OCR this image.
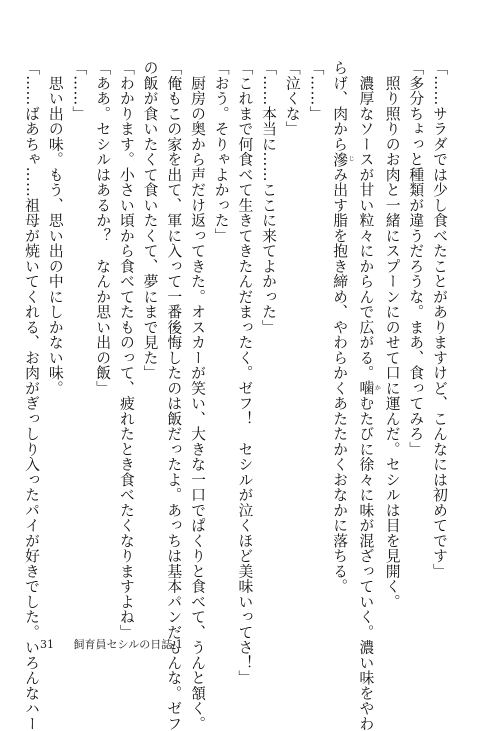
「……サラダでは少し食べたことがありますけど、こんなには初めてです」
「多分ちょっと種類が違うだろうな。まあ、食ってみろ」
　照り照りのお肉と一緒にスプーンにのせて口に運んだ。セシルは目を見開く。
　濃厚なソースが甘い粒々にからんで広がる。噛 かむたびに徐々に味が混ざっていく。濃い味をやわ
らげ、肉から滲 じみ出す脂を抱き締め、やわらかくあたたかくおなかに落ちる。
「……」
「泣くな」
「……本当に……ここに来てよかった」
「これまで何食べて生きてきたんだまったく。ゼフ！　セシルが泣くほど美味いってさ！」
「おう。そりゃよかった」
　厨房の奥から声だけ返ってきた。オスカーが笑い、大きな一口でぱくりと食べて、うんと頷く。
「俺もこの家を出て、軍に入って一番後悔したのは飯だったよ。あっちは基本パンだもんな。ゼフ
の飯が食いたくて食いたくて、夢にまで見た」
「わかります。小さい頃から食べてたものって、疲れたとき食べたくなりますよね」
「ああ。セシルはあるか？　なんか思い出の飯」
「……」
　思い出の味。もう、思い出の中にしかない味。
「……ばあちゃ……祖母が焼いてくれる、お肉がぎっしり入ったパイが好きでした。いろんなハー 31 飼育員セシルの日誌 1
